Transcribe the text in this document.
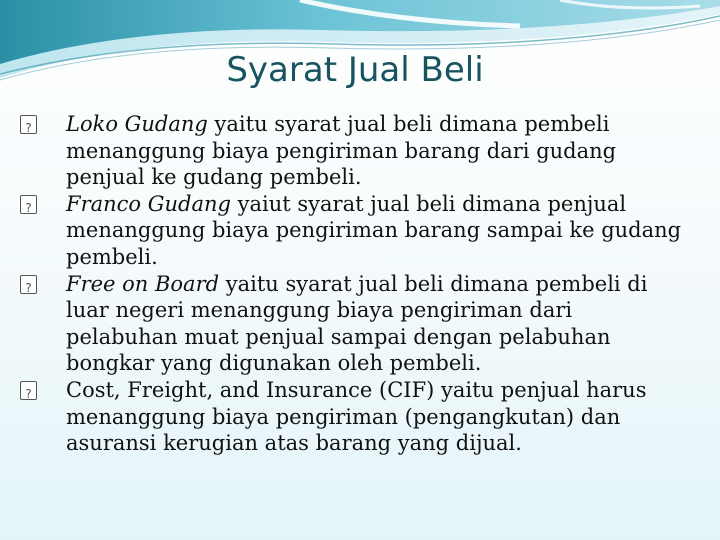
Syarat Jual Beli
?
Loko Gudang yaitu syarat jual beli dimana pembeli menanggung biaya pengiriman barang dari gudang penjual ke gudang pembeli.
?
Franco Gudang yaiut syarat jual beli dimana penjual menanggung biaya pengiriman barang sampai ke gudang pembeli.
?
Free on Board yaitu syarat jual beli dimana pembeli di luar negeri menanggung biaya pengiriman dari pelabuhan muat penjual sampai dengan pelabuhan bongkar yang digunakan oleh pembeli.
?
Cost, Freight, and Insurance (CIF) yaitu penjual harus menanggung biaya pengiriman (pengangkutan) dan asuransi kerugian atas barang yang dijual.
